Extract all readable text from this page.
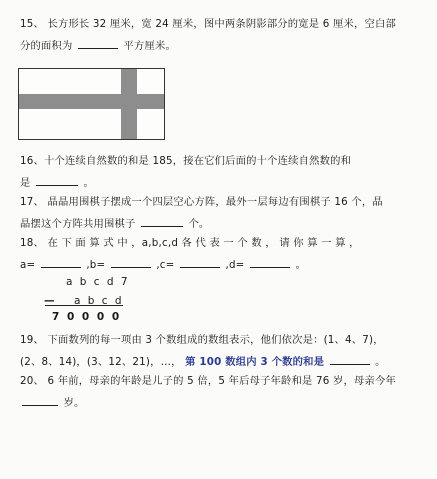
15、 长方形长 32 厘米，宽 24 厘米，图中两条阴影部分的宽是 6 厘米，空白部
分的面积为	平方厘米。
16、十个连续自然数的和是 185，接在它们后面的十个连续自然数的和
是	。
17、 晶晶用围棋子摆成一个四层空心方阵，最外一层每边有围棋子 16 个，晶
晶摆这个方阵共用围棋子	个。
18、 在 下 面 算 式 中 ，a,b,c,d 各 代 表 一 个 数 ， 请 你 算 一 算 ，
a=	,b=	,c=	,d=	。
a b c d 7
— a b c d
7 0 0 0 0
19、 下面数列的每一项由 3 个数组成的数组表示，他们依次是：(1、4、7)，
(2、8、14)，(3、12、21)，…， 第 100 数组内 3 个数的和是	。
20、 6 年前，母亲的年龄是儿子的 5 倍，5 年后母子年龄和是 76 岁，母亲今年
岁。
